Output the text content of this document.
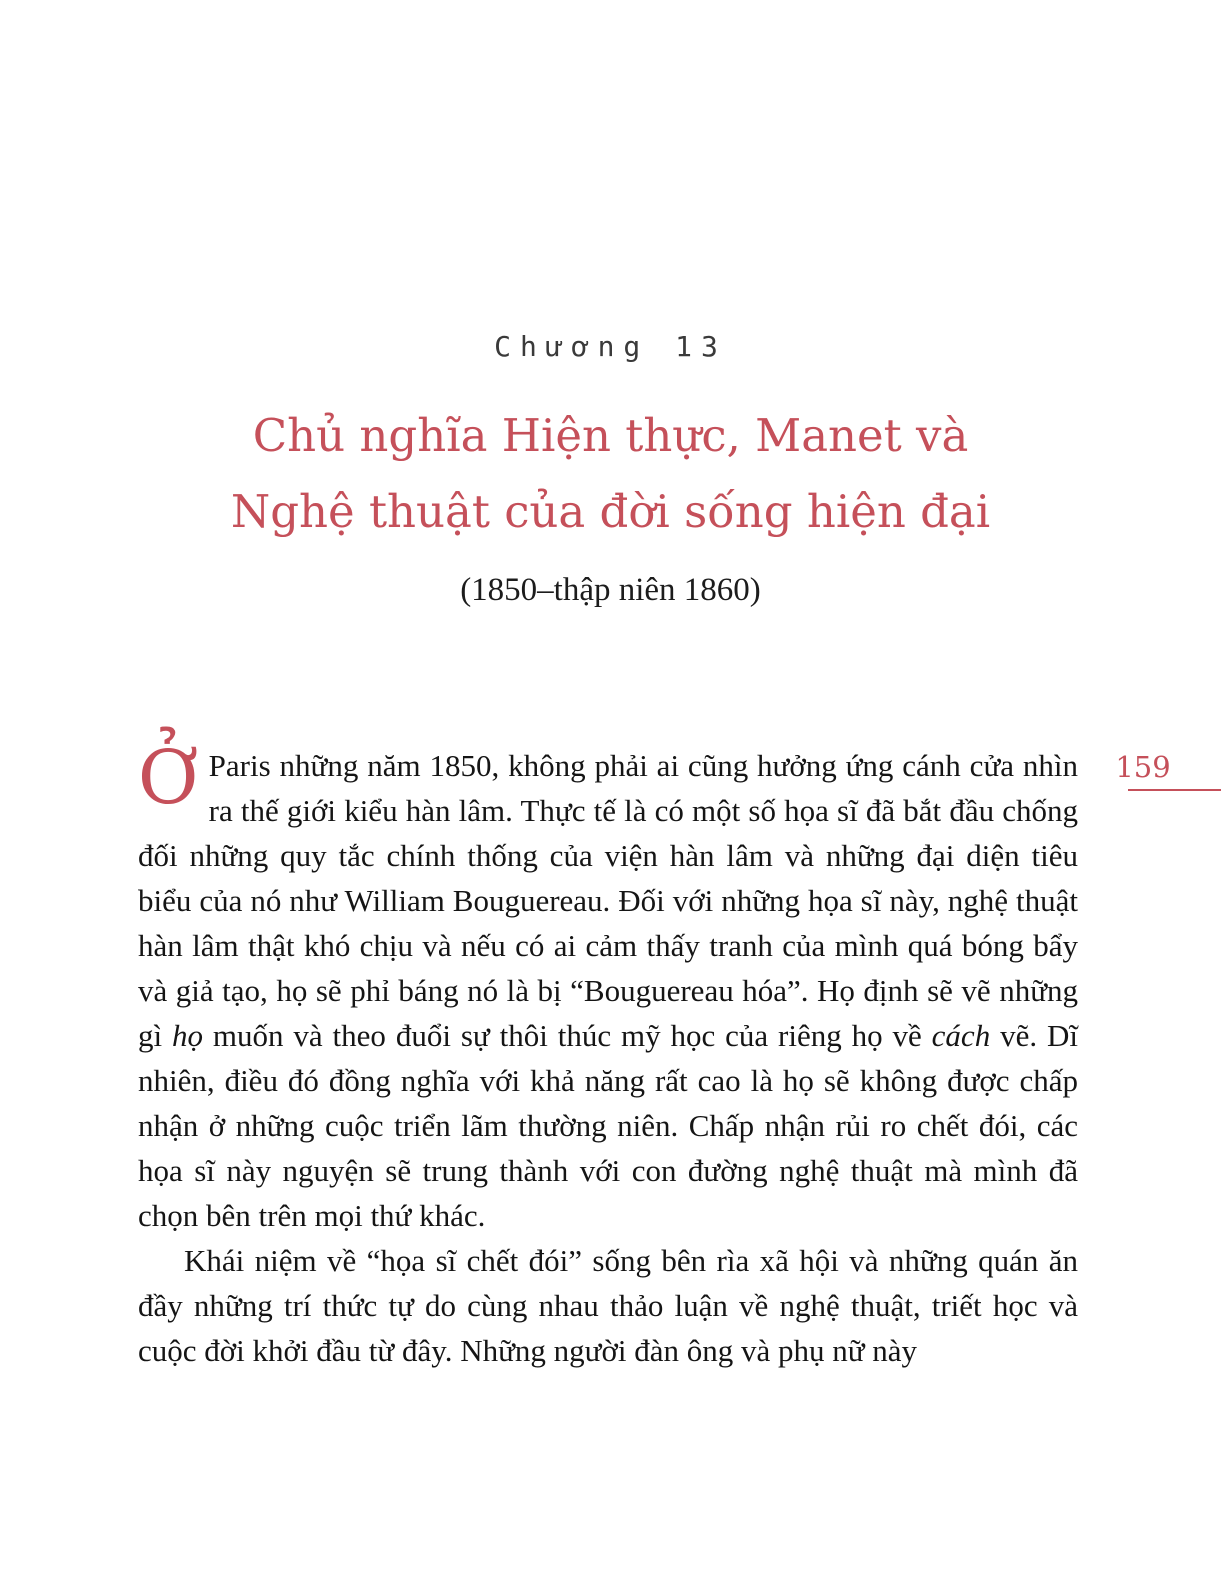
Chương 13
Chủ nghĩa Hiện thực, Manet và
Nghệ thuật của đời sống hiện đại
(1850–thập niên 1860)
159

Ở Paris những năm 1850, không phải ai cũng hưởng ứng cánh cửa nhìn ra thế giới kiểu hàn lâm. Thực tế là có một số họa sĩ đã bắt đầu chống đối những quy tắc chính thống của viện hàn lâm và những đại diện tiêu biểu của nó như William Bouguereau. Đối với những họa sĩ này, nghệ thuật hàn lâm thật khó chịu và nếu có ai cảm thấy tranh của mình quá bóng bẩy và giả tạo, họ sẽ phỉ báng nó là bị “Bouguereau hóa”. Họ định sẽ vẽ những gì họ muốn và theo đuổi sự thôi thúc mỹ học của riêng họ về cách vẽ. Dĩ nhiên, điều đó đồng nghĩa với khả năng rất cao là họ sẽ không được chấp nhận ở những cuộc triển lãm thường niên. Chấp nhận rủi ro chết đói, các họa sĩ này nguyện sẽ trung thành với con đường nghệ thuật mà mình đã chọn bên trên mọi thứ khác.

Khái niệm về “họa sĩ chết đói” sống bên rìa xã hội và những quán ăn đầy những trí thức tự do cùng nhau thảo luận về nghệ thuật, triết học và cuộc đời khởi đầu từ đây. Những người đàn ông và phụ nữ này
